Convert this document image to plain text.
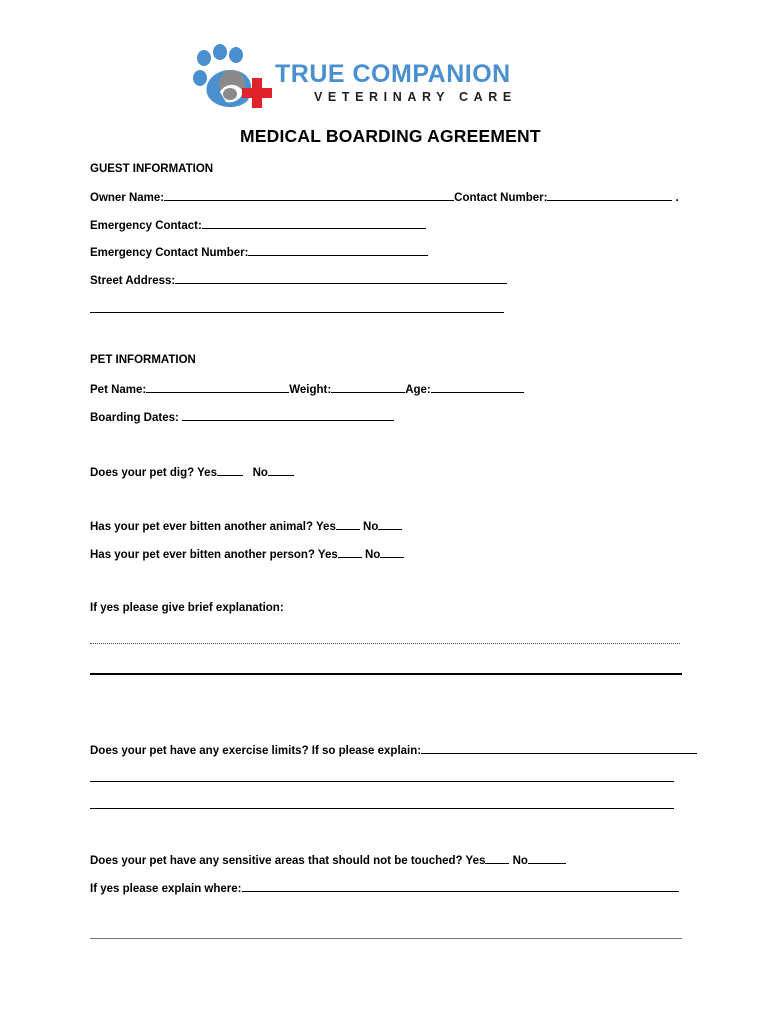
TRUE COMPANION
VETERINARY CARE
MEDICAL BOARDING AGREEMENT
GUEST INFORMATION
Owner Name:	Contact Number:	.
Emergency Contact:
Emergency Contact Number:
Street Address:
PET INFORMATION
Pet Name:	Weight:	Age:
Boarding Dates:
Does your pet dig? Yes	No
Has your pet ever bitten another animal? Yes No
Has your pet ever bitten another person? Yes No
If yes please give brief explanation:
Does your pet have any exercise limits? If so please explain:
Does your pet have any sensitive areas that should not be touched? Yes No
If yes please explain where:
